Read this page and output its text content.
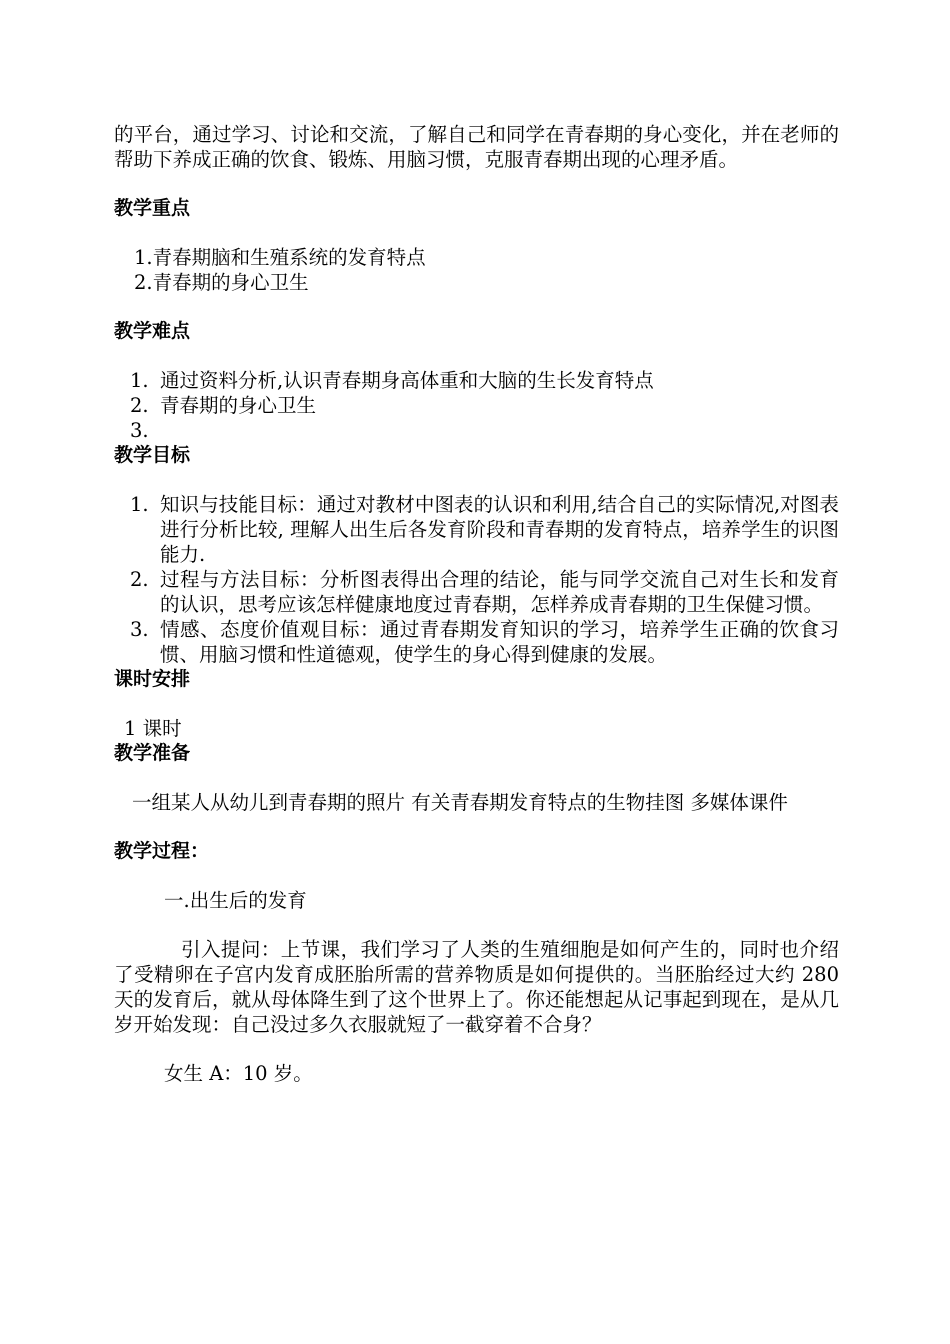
的平台，通过学习、讨论和交流，了解自己和同学在青春期的身心变化，并在老师的帮助下养成正确的饮食、锻炼、用脑习惯，克服青春期出现的心理矛盾。

教学重点
1.青春期脑和生殖系统的发育特点
2.青春期的身心卫生
教学难点
1. 通过资料分析,认识青春期身高体重和大脑的生长发育特点
2. 青春期的身心卫生
3.

教学目标
1. 知识与技能目标：通过对教材中图表的认识和利用,结合自己的实际情况,对图表进行分析比较, 理解人出生后各发育阶段和青春期的发育特点，培养学生的识图能力.
2. 过程与方法目标：分析图表得出合理的结论，能与同学交流自己对生长和发育的认识，思考应该怎样健康地度过青春期，怎样养成青春期的卫生保健习惯。
3. 情感、态度价值观目标：通过青春期发育知识的学习，培养学生正确的饮食习惯、用脑习惯和性道德观，使学生的身心得到健康的发展。
课时安排
1 课时
教学准备

一组某人从幼儿到青春期的照片 有关青春期发育特点的生物挂图 多媒体课件

教学过程：
一.出生后的发育

引入提问：上节课，我们学习了人类的生殖细胞是如何产生的，同时也介绍了受精卵在子宫内发育成胚胎所需的营养物质是如何提供的。当胚胎经过大约 280 天的发育后，就从母体降生到了这个世界上了。你还能想起从记事起到现在，是从几岁开始发现：自己没过多久衣服就短了一截穿着不合身？

女生 A：10 岁。
